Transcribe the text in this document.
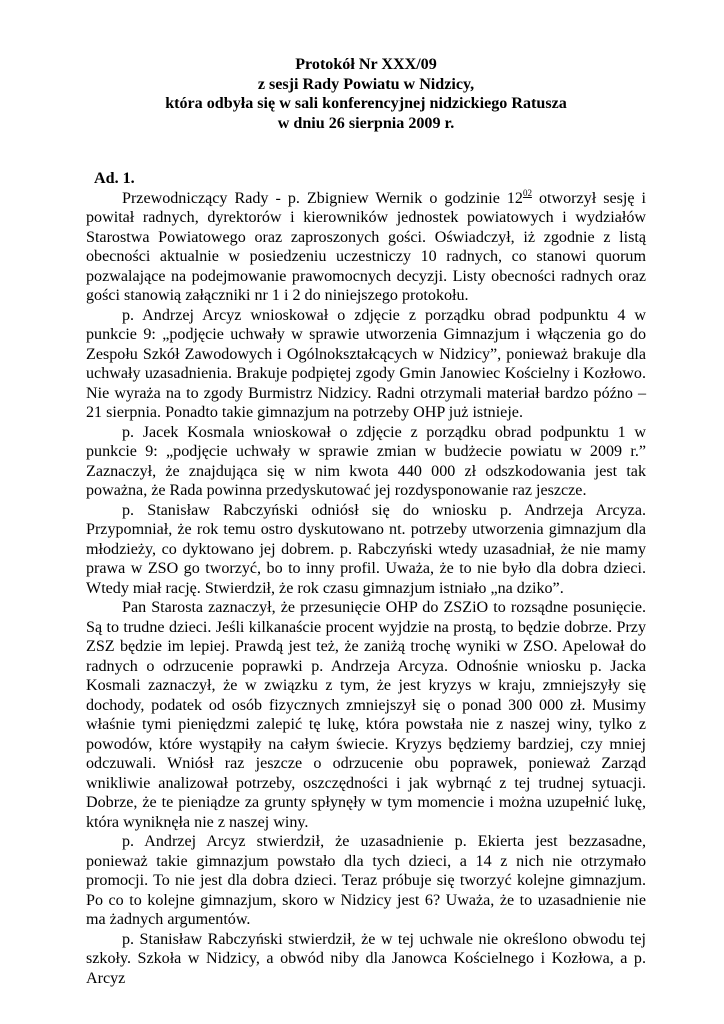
Protokół Nr XXX/09
z sesji Rady Powiatu w Nidzicy,
która odbyła się w sali konferencyjnej nidzickiego Ratusza
w dniu 26 sierpnia 2009 r.
Ad. 1.

Przewodniczący Rady - p. Zbigniew Wernik o godzinie $12^{02}$ otworzył sesję i powitał radnych, dyrektorów i kierowników jednostek powiatowych i wydziałów Starostwa Powiatowego oraz zaproszonych gości. Oświadczył, iż zgodnie z listą obecności aktualnie w posiedzeniu uczestniczy 10 radnych, co stanowi quorum pozwalające na podejmowanie prawomocnych decyzji. Listy obecności radnych oraz gości stanowią załączniki nr 1 i 2 do niniejszego protokołu.

p. Andrzej Arcyz wnioskował o zdjęcie z porządku obrad podpunktu 4 w punkcie 9: „podjęcie uchwały w sprawie utworzenia Gimnazjum i włączenia go do Zespołu Szkół Zawodowych i Ogólnokształcących w Nidzicy”, ponieważ brakuje dla uchwały uzasadnienia. Brakuje podpiętej zgody Gmin Janowiec Kościelny i Kozłowo. Nie wyraża na to zgody Burmistrz Nidzicy. Radni otrzymali materiał bardzo późno – 21 sierpnia. Ponadto takie gimnazjum na potrzeby OHP już istnieje.

p. Jacek Kosmala wnioskował o zdjęcie z porządku obrad podpunktu 1 w punkcie 9: „podjęcie uchwały w sprawie zmian w budżecie powiatu w 2009 r.” Zaznaczył, że znajdująca się w nim kwota 440 000 zł odszkodowania jest tak poważna, że Rada powinna przedyskutować jej rozdysponowanie raz jeszcze.

p. Stanisław Rabczyński odniósł się do wniosku p. Andrzeja Arcyza. Przypomniał, że rok temu ostro dyskutowano nt. potrzeby utworzenia gimnazjum dla młodzieży, co dyktowano jej dobrem. p. Rabczyński wtedy uzasadniał, że nie mamy prawa w ZSO go tworzyć, bo to inny profil. Uważa, że to nie było dla dobra dzieci. Wtedy miał rację. Stwierdził, że rok czasu gimnazjum istniało „na dziko”.

Pan Starosta zaznaczył, że przesunięcie OHP do ZSZiO to rozsądne posunięcie. Są to trudne dzieci. Jeśli kilkanaście procent wyjdzie na prostą, to będzie dobrze. Przy ZSZ będzie im lepiej. Prawdą jest też, że zaniżą trochę wyniki w ZSO. Apelował do radnych o odrzucenie poprawki p. Andrzeja Arcyza. Odnośnie wniosku p. Jacka Kosmali zaznaczył, że w związku z tym, że jest kryzys w kraju, zmniejszyły się dochody, podatek od osób fizycznych zmniejszył się o ponad 300 000 zł. Musimy właśnie tymi pieniędzmi zalepić tę lukę, która powstała nie z naszej winy, tylko z powodów, które wystąpiły na całym świecie. Kryzys będziemy bardziej, czy mniej odczuwali. Wniósł raz jeszcze o odrzucenie obu poprawek, ponieważ Zarząd wnikliwie analizował potrzeby, oszczędności i jak wybrnąć z tej trudnej sytuacji. Dobrze, że te pieniądze za grunty spłynęły w tym momencie i można uzupełnić lukę, która wyniknęła nie z naszej winy.

p. Andrzej Arcyz stwierdził, że uzasadnienie p. Ekierta jest bezzasadne, ponieważ takie gimnazjum powstało dla tych dzieci, a 14 z nich nie otrzymało promocji. To nie jest dla dobra dzieci. Teraz próbuje się tworzyć kolejne gimnazjum. Po co to kolejne gimnazjum, skoro w Nidzicy jest 6? Uważa, że to uzasadnienie nie ma żadnych argumentów.

p. Stanisław Rabczyński stwierdził, że w tej uchwale nie określono obwodu tej szkoły. Szkoła w Nidzicy, a obwód niby dla Janowca Kościelnego i Kozłowa, a p. Arcyz
